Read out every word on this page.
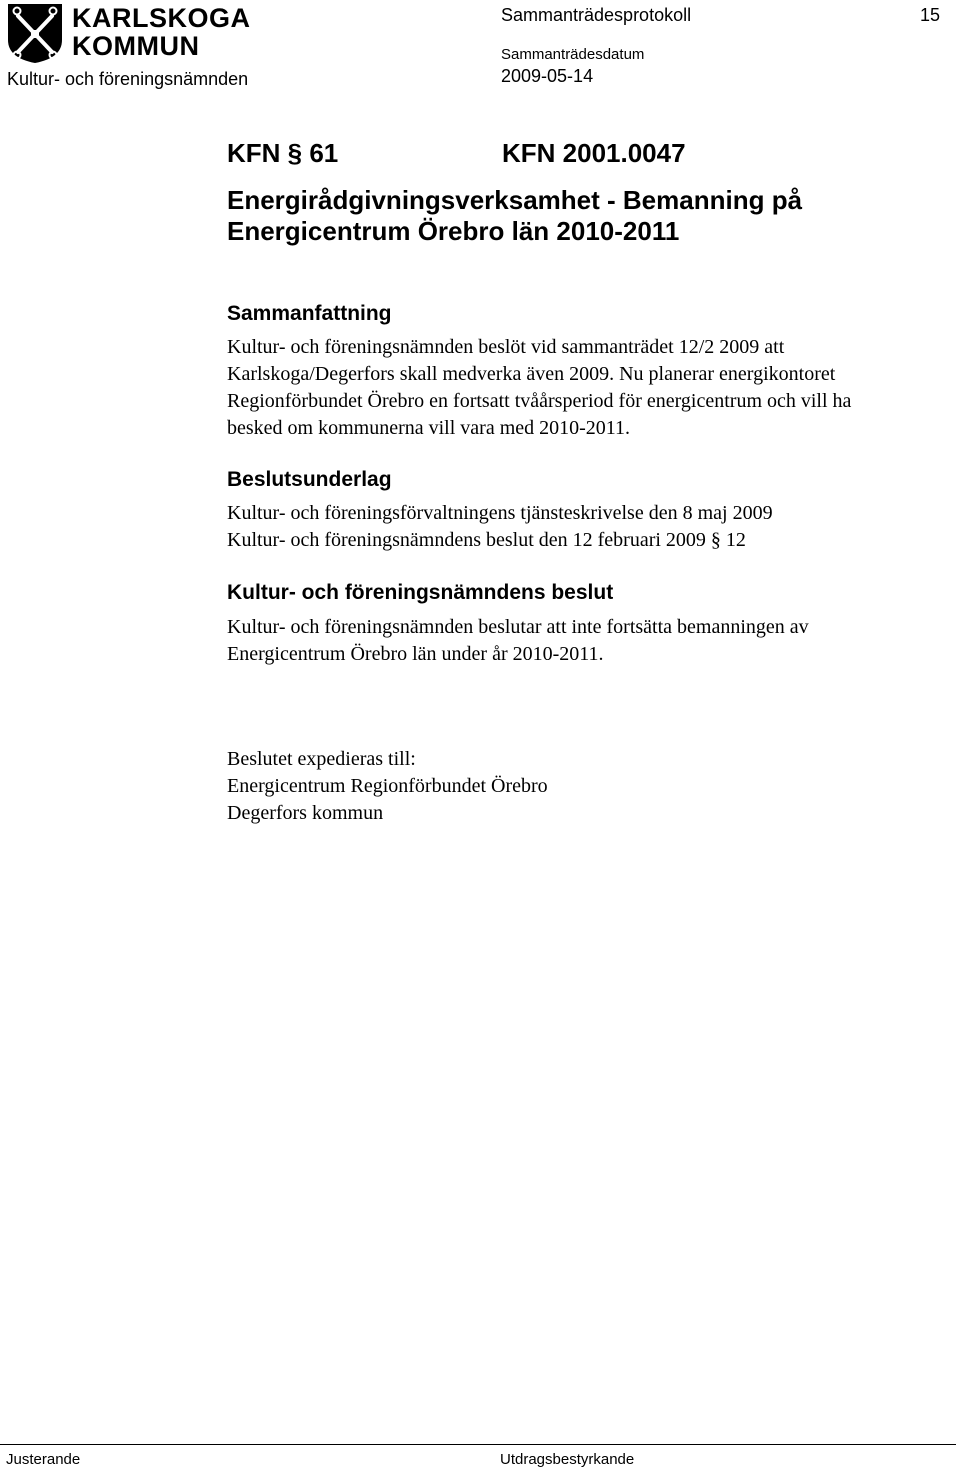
KARLSKOGA
KOMMUN
Kultur- och föreningsnämnden
Sammanträdesprotokoll	15
Sammanträdesdatum
2009-05-14
KFN § 61	KFN 2001.0047
Energirådgivningsverksamhet - Bemanning på
Energicentrum Örebro län 2010-2011
Sammanfattning

Kultur- och föreningsnämnden beslöt vid sammanträdet 12/2 2009 att

Karlskoga/Degerfors skall medverka även 2009. Nu planerar energikontoret

Regionförbundet Örebro en fortsatt tvåårsperiod för energicentrum och vill ha

besked om kommunerna vill vara med 2010-2011.

Beslutsunderlag

Kultur- och föreningsförvaltningens tjänsteskrivelse den 8 maj 2009

Kultur- och föreningsnämndens beslut den 12 februari 2009 § 12

Kultur- och föreningsnämndens beslut

Kultur- och föreningsnämnden beslutar att inte fortsätta bemanningen av

Energicentrum Örebro län under år 2010-2011.

Beslutet expedieras till:

Energicentrum Regionförbundet Örebro

Degerfors kommun

Justerande	Utdragsbestyrkande
